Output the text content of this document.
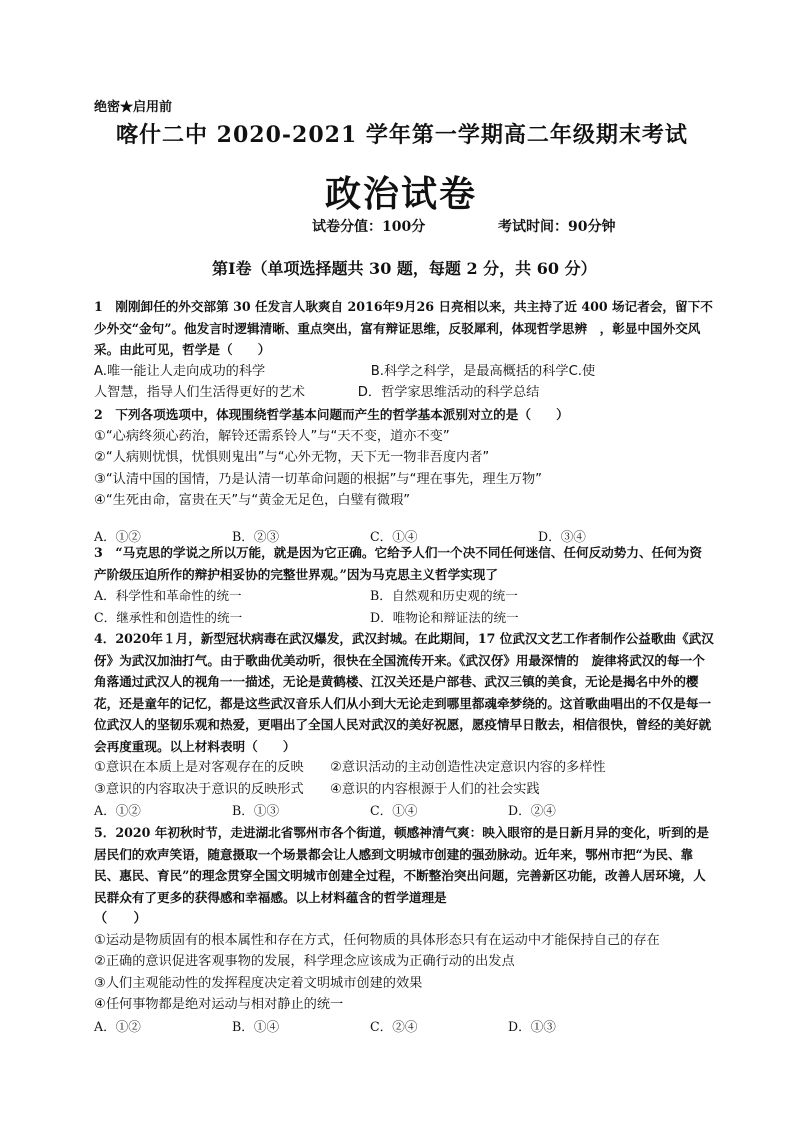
绝密★启用前
喀什二中 2020-2021 学年第一学期高二年级期末考试
政治试卷
试卷分值：100分	考试时间：90分钟
第Ⅰ卷（单项选择题共 30 题，每题 2 分，共 60 分）
1　刚刚卸任的外交部第 30 任发言人耿爽自 2016年9月26 日亮相以来，共主持了近 400 场记者会，留下不少外交“金句”。他发言时逻辑清晰、重点突出，富有辩证思维，反驳犀利，体现哲学思辨　，彰显中国外交风采。由此可见，哲学是（　　）
A.唯一能让人走向成功的科学　　　　　　　　B.科学之科学，是最高概括的科学C.使
人智慧，指导人们生活得更好的艺术　　　　D．哲学家思维活动的科学总结
2　下列各项选项中，体现围绕哲学基本问题而产生的哲学基本派别对立的是（　　）
①“心病终须心药治，解铃还需系铃人”与“天不变，道亦不变”
②“人病则忧惧，忧惧则鬼出”与“心外无物，天下无一物非吾度内者”
③“认清中国的国情，乃是认清一切革命问题的根据”与“理在事先，理生万物”
④“生死由命，富贵在天”与“黄金无足色，白璧有微瑕”
A．①②	B．②③	C．①④	D．③④
3　“马克思的学说之所以万能，就是因为它正确。它给予人们一个决不同任何迷信、任何反动势力、任何为资产阶级压迫所作的辩护相妥协的完整世界观。”因为马克思主义哲学实现了
A．科学性和革命性的统一	B．自然观和历史观的统一
C．继承性和创造性的统一	D．唯物论和辩证法的统一
4．2020年１月，新型冠状病毒在武汉爆发，武汉封城。在此期间，17 位武汉文艺工作者制作公益歌曲《武汉伢》为武汉加油打气。由于歌曲优美动听，很快在全国流传开来。《武汉伢》用最深情的　旋律将武汉的每一个角落通过武汉人的视角一一描述，无论是黄鹤楼、江汉关还是户部巷、武汉三镇的美食，无论是揭名中外的樱花，还是童年的记忆，都是这些武汉音乐人们从小到大无论走到哪里都魂牵梦绕的。这首歌曲唱出的不仅是每一位武汉人的坚韧乐观和热爱，更唱出了全国人民对武汉的美好祝愿，愿疫情早日散去，相信很快，曾经的美好就会再度重现。以上材料表明（　　）
①意识在本质上是对客观存在的反映　　②意识活动的主动创造性决定意识内容的多样性
③意识的内容取决于意识的反映形式　　④意识的内容根源于人们的社会实践
A．①②	B．①③	C．①④	D．②④
5．2020 年初秋时节，走进湖北省鄂州市各个街道，顿感神清气爽：映入眼帘的是日新月异的变化，听到的是居民们的欢声笑语，随意摄取一个场景都会让人感到文明城市创建的强劲脉动。近年来，鄂州市把“为民、靠民、惠民、育民”的理念贯穿全国文明城市创建全过程，不断整治突出问题，完善新区功能，改善人居环境，人民群众有了更多的获得感和幸福感。以上材料蕴含的哲学道理是
（　　）
①运动是物质固有的根本属性和存在方式，任何物质的具体形态只有在运动中才能保持自己的存在
②正确的意识促进客观事物的发展，科学理念应该成为正确行动的出发点
③人们主观能动性的发挥程度决定着文明城市创建的效果
④任何事物都是绝对运动与相对静止的统一
A．①②	B．①④	C．②④	D．①③
